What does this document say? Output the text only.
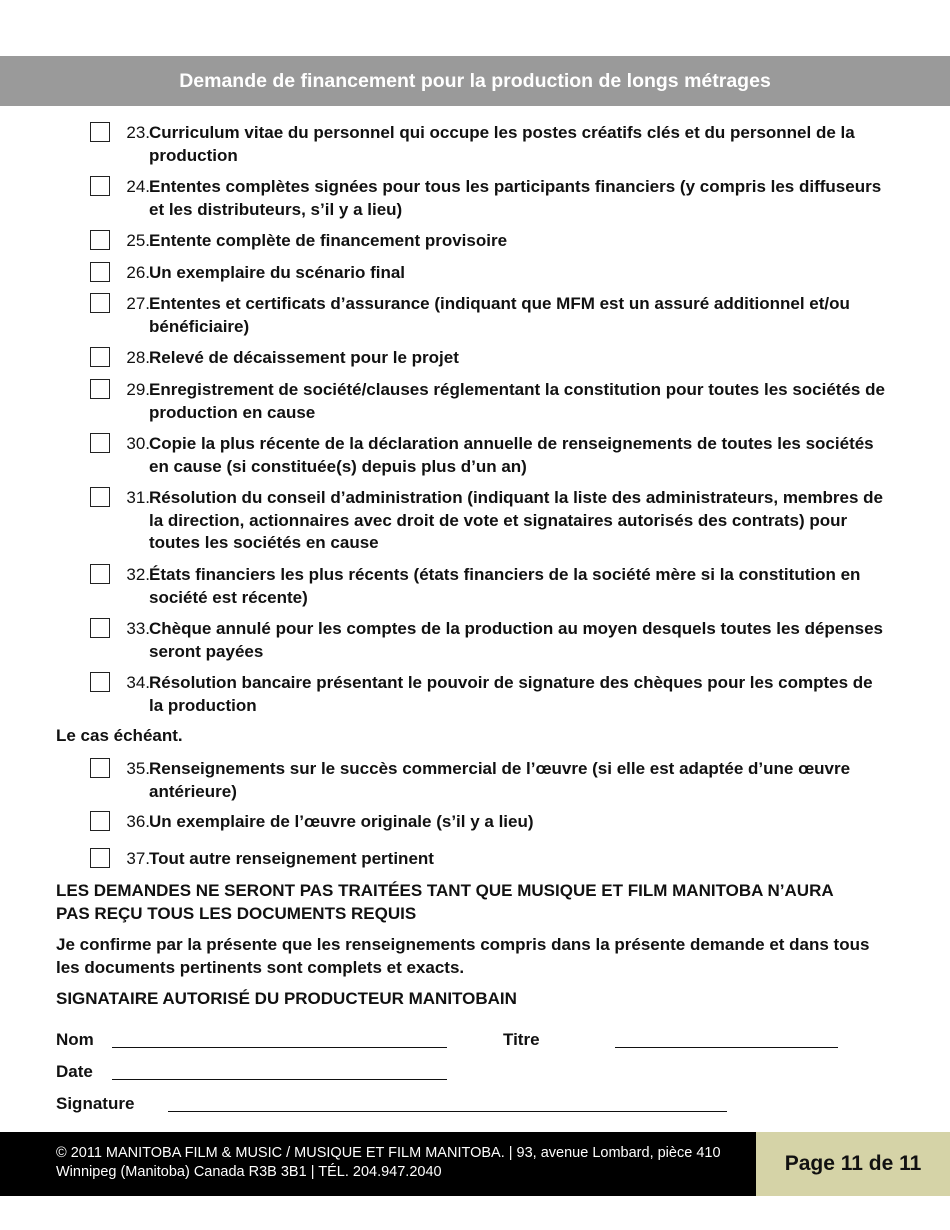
Demande de financement pour la production de longs métrages
23. Curriculum vitae du personnel qui occupe les postes créatifs clés et du personnel de la production
24. Ententes complètes signées pour tous les participants financiers (y compris les diffuseurs et les distributeurs, s’il y a lieu)
25. Entente complète de financement provisoire
26. Un exemplaire du scénario final
27. Ententes et certificats d’assurance (indiquant que MFM est un assuré additionnel et/ou bénéficiaire)
28. Relevé de décaissement pour le projet
29. Enregistrement de société/clauses réglementant la constitution pour toutes les sociétés de production en cause
30. Copie la plus récente de la déclaration annuelle de renseignements de toutes les sociétés en cause (si constituée(s) depuis plus d’un an)
31. Résolution du conseil d’administration (indiquant la liste des administrateurs, membres de la direction, actionnaires avec droit de vote et signataires autorisés des contrats) pour toutes les sociétés en cause
32. États financiers les plus récents (états financiers de la société mère si la constitution en société est récente)
33. Chèque annulé pour les comptes de la production au moyen desquels toutes les dépenses seront payées
34. Résolution bancaire présentant le pouvoir de signature des chèques pour les comptes de la production
Le cas échéant.
35. Renseignements sur le succès commercial de l’œuvre (si elle est adaptée d’une œuvre antérieure)
36. Un exemplaire de l’œuvre originale (s’il y a lieu)
37. Tout autre renseignement pertinent
LES DEMANDES NE SERONT PAS TRAITÉES TANT QUE MUSIQUE ET FILM MANITOBA N’AURA PAS REÇU TOUS LES DOCUMENTS REQUIS
Je confirme par la présente que les renseignements compris dans la présente demande et dans tous les documents pertinents sont complets et exacts.
SIGNATAIRE AUTORISÉ DU PRODUCTEUR MANITOBAIN
Nom	Titre
Date
Signature
© 2011 MANITOBA FILM & MUSIC / MUSIQUE ET FILM MANITOBA. | 93, avenue Lombard, pièce 410 Winnipeg (Manitoba) Canada R3B 3B1 | TÉL. 204.947.2040	Page 11 de 11
